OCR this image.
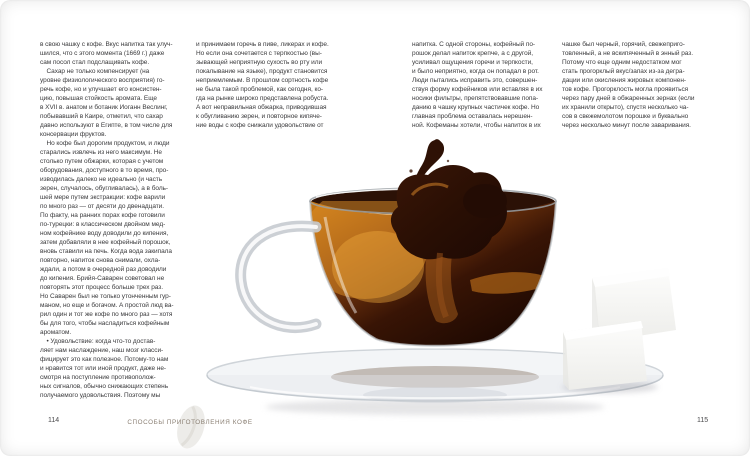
в свою чашку с кофе. Вкус напитка так улуч-
шился, что с этого момента (1669 г.) даже
сам посол стал подслащивать кофе.
 Сахар не только компенсирует (на
уровне физиологического восприятия) го-
речь кофе, но и улучшает его консистен-
цию, повышая стойкость аромата. Еще
в XVII в. анатом и ботаник Иоганн Веслинг,
побывавший в Каире, отметил, что сахар
давно используют в Египте, в том числе для
консервации фруктов.
 Но кофе был дорогим продуктом, и люди
старались извлечь из него максимум. Не
столько путем обжарки, которая с учетом
оборудования, доступного в то время, про-
изводилась далеко не идеально (и часть
зерен, случалось, обугливалась), а в боль-
шей мере путем экстракции: кофе варили
по много раз — от десяти до двенадцати.
По факту, на ранних порах кофе готовили
по-турецки: в классическом двойном мед-
ном кофейнике воду доводили до кипения,
затем добавляли в нее кофейный порошок,
вновь ставили на печь. Когда вода закипала
повторно, напиток снова снимали, охла-
ждали, а потом в очередной раз доводили
до кипения. Брийя-Саварен советовал не
повторять этот процесс больше трех раз.
Но Саварен был не только утонченным гур-
маном, но еще и богачом. А простой люд ва-
рил один и тот же кофе по много раз — хотя
бы для того, чтобы насладиться кофейным
ароматом.
 • Удовольствие: когда что-то достав-
ляет нам наслаждение, наш мозг класси-
фицирует это как полезное. Потому-то нам
и нравится тот или иной продукт, даже не-
смотря на поступление противополож-
ных сигналов, обычно снижающих степень
получаемого удовольствия. Поэтому мы
и принимаем горечь в пиве, ликерах и кофе.
Но если она сочетается с терпкостью (вы-
зывающей неприятную сухость во рту или
покалывание на языке), продукт становится
неприемлемым. В прошлом сортность кофе
не была такой проблемой, как сегодня, ко-
гда на рынке широко представлена робуста.
А вот неправильная обжарка, приводившая
к обугливанию зерен, и повторное кипяче-
ние воды с кофе снижали удовольствие от
напитка. С одной стороны, кофейный по-
рошок делал напиток крепче, а с другой,
усиливал ощущения горечи и терпкости,
и было неприятно, когда он попадал в рот.
Люди пытались исправить это, совершен-
ствуя форму кофейников или вставляя в их
носики фильтры, препятствовавшие попа-
данию в чашку крупных частичек кофе. Но
главная проблема оставалась нерешен-
ной. Кофеманы хотели, чтобы напиток в их
чашке был черный, горячий, свежеприго-
товленный, а не вскипяченный в энный раз.
Потому что еще одним недостатком мог
стать прогорклый вкус/запах из-за дегра-
дации или окисления жировых компонен-
тов кофе. Прогорклость могла проявиться
через пару дней в обжаренных зернах (если
их хранили открыто), спустя несколько ча-
сов в свежемолотом порошке и буквально
через несколько минут после заваривания.
114	СПОСОБЫ ПРИГОТОВЛЕНИЯ КОФЕ	115
